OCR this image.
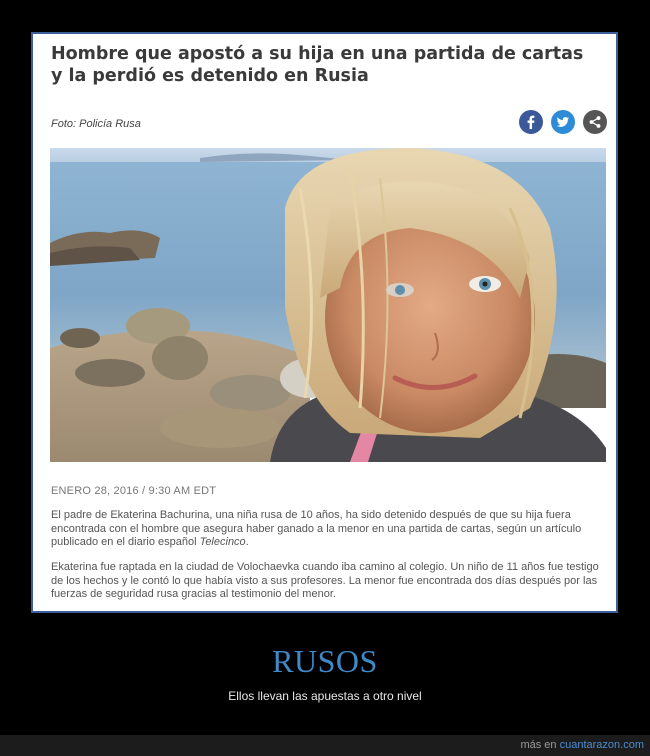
Hombre que apostó a su hija en una partida de cartas y la perdió es detenido en Rusia
Foto: Policía Rusa
ENERO 28, 2016 / 9:30 AM EDT

El padre de Ekaterina Bachurina, una niña rusa de 10 años, ha sido detenido después de que su hija fuera encontrada con el hombre que asegura haber ganado a la menor en una partida de cartas, según un artículo publicado en el diario español Telecinco.

Ekaterina fue raptada en la ciudad de Volochaevka cuando iba camino al colegio. Un niño de 11 años fue testigo de los hechos y le contó lo que había visto a sus profesores. La menor fue encontrada dos días después por las fuerzas de seguridad rusa gracias al testimonio del menor.

RUSOS
Ellos llevan las apuestas a otro nivel
más en cuantarazon.com
